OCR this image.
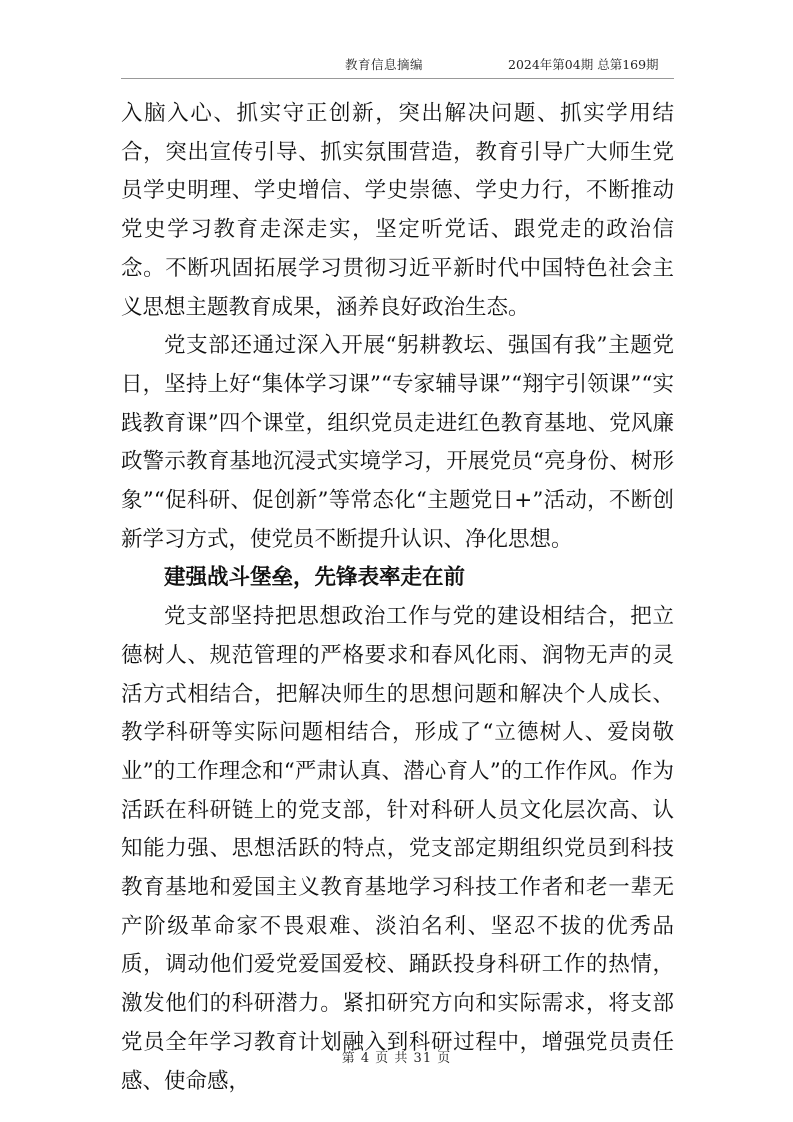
教育信息摘编	2024年第04期 总第169期

入脑入心、抓实守正创新，突出解决问题、抓实学用结合，突出宣传引导、抓实氛围营造，教育引导广大师生党员学史明理、学史增信、学史崇德、学史力行，不断推动党史学习教育走深走实，坚定听党话、跟党走的政治信念。不断巩固拓展学习贯彻习近平新时代中国特色社会主义思想主题教育成果，涵养良好政治生态。

党支部还通过深入开展“躬耕教坛、强国有我”主题党日，坚持上好“集体学习课”“专家辅导课”“翔宇引领课”“实践教育课”四个课堂，组织党员走进红色教育基地、党风廉政警示教育基地沉浸式实境学习，开展党员“亮身份、树形象”“促科研、促创新”等常态化“主题党日+”活动，不断创新学习方式，使党员不断提升认识、净化思想。

建强战斗堡垒，先锋表率走在前

党支部坚持把思想政治工作与党的建设相结合，把立德树人、规范管理的严格要求和春风化雨、润物无声的灵活方式相结合，把解决师生的思想问题和解决个人成长、教学科研等实际问题相结合，形成了“立德树人、爱岗敬业”的工作理念和“严肃认真、潜心育人”的工作作风。作为活跃在科研链上的党支部，针对科研人员文化层次高、认知能力强、思想活跃的特点，党支部定期组织党员到科技教育基地和爱国主义教育基地学习科技工作者和老一辈无产阶级革命家不畏艰难、淡泊名利、坚忍不拔的优秀品质，调动他们爱党爱国爱校、踊跃投身科研工作的热情，激发他们的科研潜力。紧扣研究方向和实际需求，将支部党员全年学习教育计划融入到科研过程中，增强党员责任感、使命感，

第 4 页 共 31 页
